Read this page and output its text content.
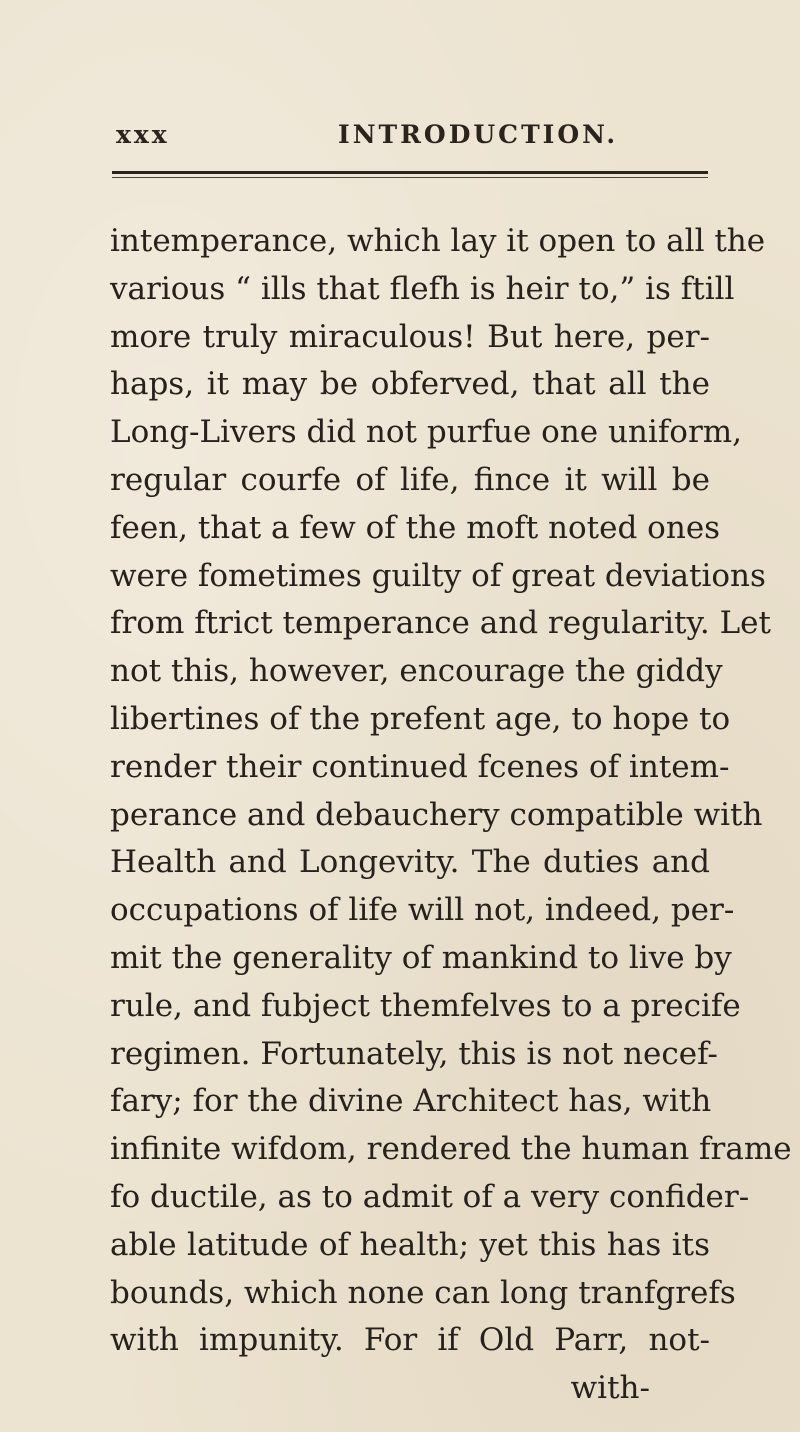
xxx	INTRODUCTION.
intemperance, which lay it open to all the
various “ ills that flefh is heir to,” is ftill
more truly miraculous! But here, per-
haps, it may be obferved, that all the
Long-Livers did not purfue one uniform,
regular courfe of life, fince it will be
feen, that a few of the moft noted ones
were fometimes guilty of great deviations
from ftrict temperance and regularity. Let
not this, however, encourage the giddy
libertines of the prefent age, to hope to
render their continued fcenes of intem-
perance and debauchery compatible with
Health and Longevity. The duties and
occupations of life will not, indeed, per-
mit the generality of mankind to live by
rule, and fubject themfelves to a precife
regimen. Fortunately, this is not necef-
fary; for the divine Architect has, with
infinite wifdom, rendered the human frame
fo ductile, as to admit of a very confider-
able latitude of health; yet this has its
bounds, which none can long tranfgrefs
with impunity. For if Old Parr, not-
with-
